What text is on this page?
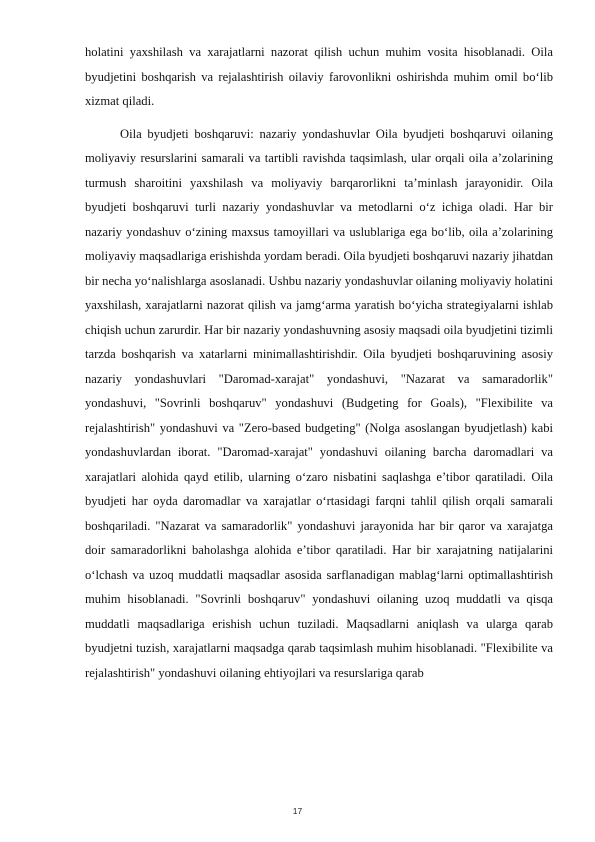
holatini yaxshilash va xarajatlarni nazorat qilish uchun muhim vosita hisoblanadi. Oila byudjetini boshqarish va rejalashtirish oilaviy farovonlikni oshirishda muhim omil bo‘lib xizmat qiladi.

Oila byudjeti boshqaruvi: nazariy yondashuvlar Oila byudjeti boshqaruvi oilaning moliyaviy resurslarini samarali va tartibli ravishda taqsimlash, ular orqali oila a’zolarining turmush sharoitini yaxshilash va moliyaviy barqarorlikni ta’minlash jarayonidir. Oila byudjeti boshqaruvi turli nazariy yondashuvlar va metodlarni o‘z ichiga oladi. Har bir nazariy yondashuv o‘zining maxsus tamoyillari va uslublariga ega bo‘lib, oila a’zolarining moliyaviy maqsadlariga erishishda yordam beradi. Oila byudjeti boshqaruvi nazariy jihatdan bir necha yo‘nalishlarga asoslanadi. Ushbu nazariy yondashuvlar oilaning moliyaviy holatini yaxshilash, xarajatlarni nazorat qilish va jamg‘arma yaratish bo‘yicha strategiyalarni ishlab chiqish uchun zarurdir. Har bir nazariy yondashuvning asosiy maqsadi oila byudjetini tizimli tarzda boshqarish va xatarlarni minimallashtirishdir. Oila byudjeti boshqaruvining asosiy nazariy yondashuvlari "Daromad-xarajat" yondashuvi, "Nazarat va samaradorlik" yondashuvi, "Sovrinli boshqaruv" yondashuvi (Budgeting for Goals), "Flexibilite va rejalashtirish" yondashuvi va "Zero-based budgeting" (Nolga asoslangan byudjetlash) kabi yondashuvlardan iborat. "Daromad-xarajat" yondashuvi oilaning barcha daromadlari va xarajatlari alohida qayd etilib, ularning o‘zaro nisbatini saqlashga e’tibor qaratiladi. Oila byudjeti har oyda daromadlar va xarajatlar o‘rtasidagi farqni tahlil qilish orqali samarali boshqariladi. "Nazarat va samaradorlik" yondashuvi jarayonida har bir qaror va xarajatga doir samaradorlikni baholashga alohida e’tibor qaratiladi. Har bir xarajatning natijalarini o‘lchash va uzoq muddatli maqsadlar asosida sarflanadigan mablag‘larni optimallashtirish muhim hisoblanadi. "Sovrinli boshqaruv" yondashuvi oilaning uzoq muddatli va qisqa muddatli maqsadlariga erishish uchun tuziladi. Maqsadlarni aniqlash va ularga qarab byudjetni tuzish, xarajatlarni maqsadga qarab taqsimlash muhim hisoblanadi. "Flexibilite va rejalashtirish" yondashuvi oilaning ehtiyojlari va resurslariga qarab

17
